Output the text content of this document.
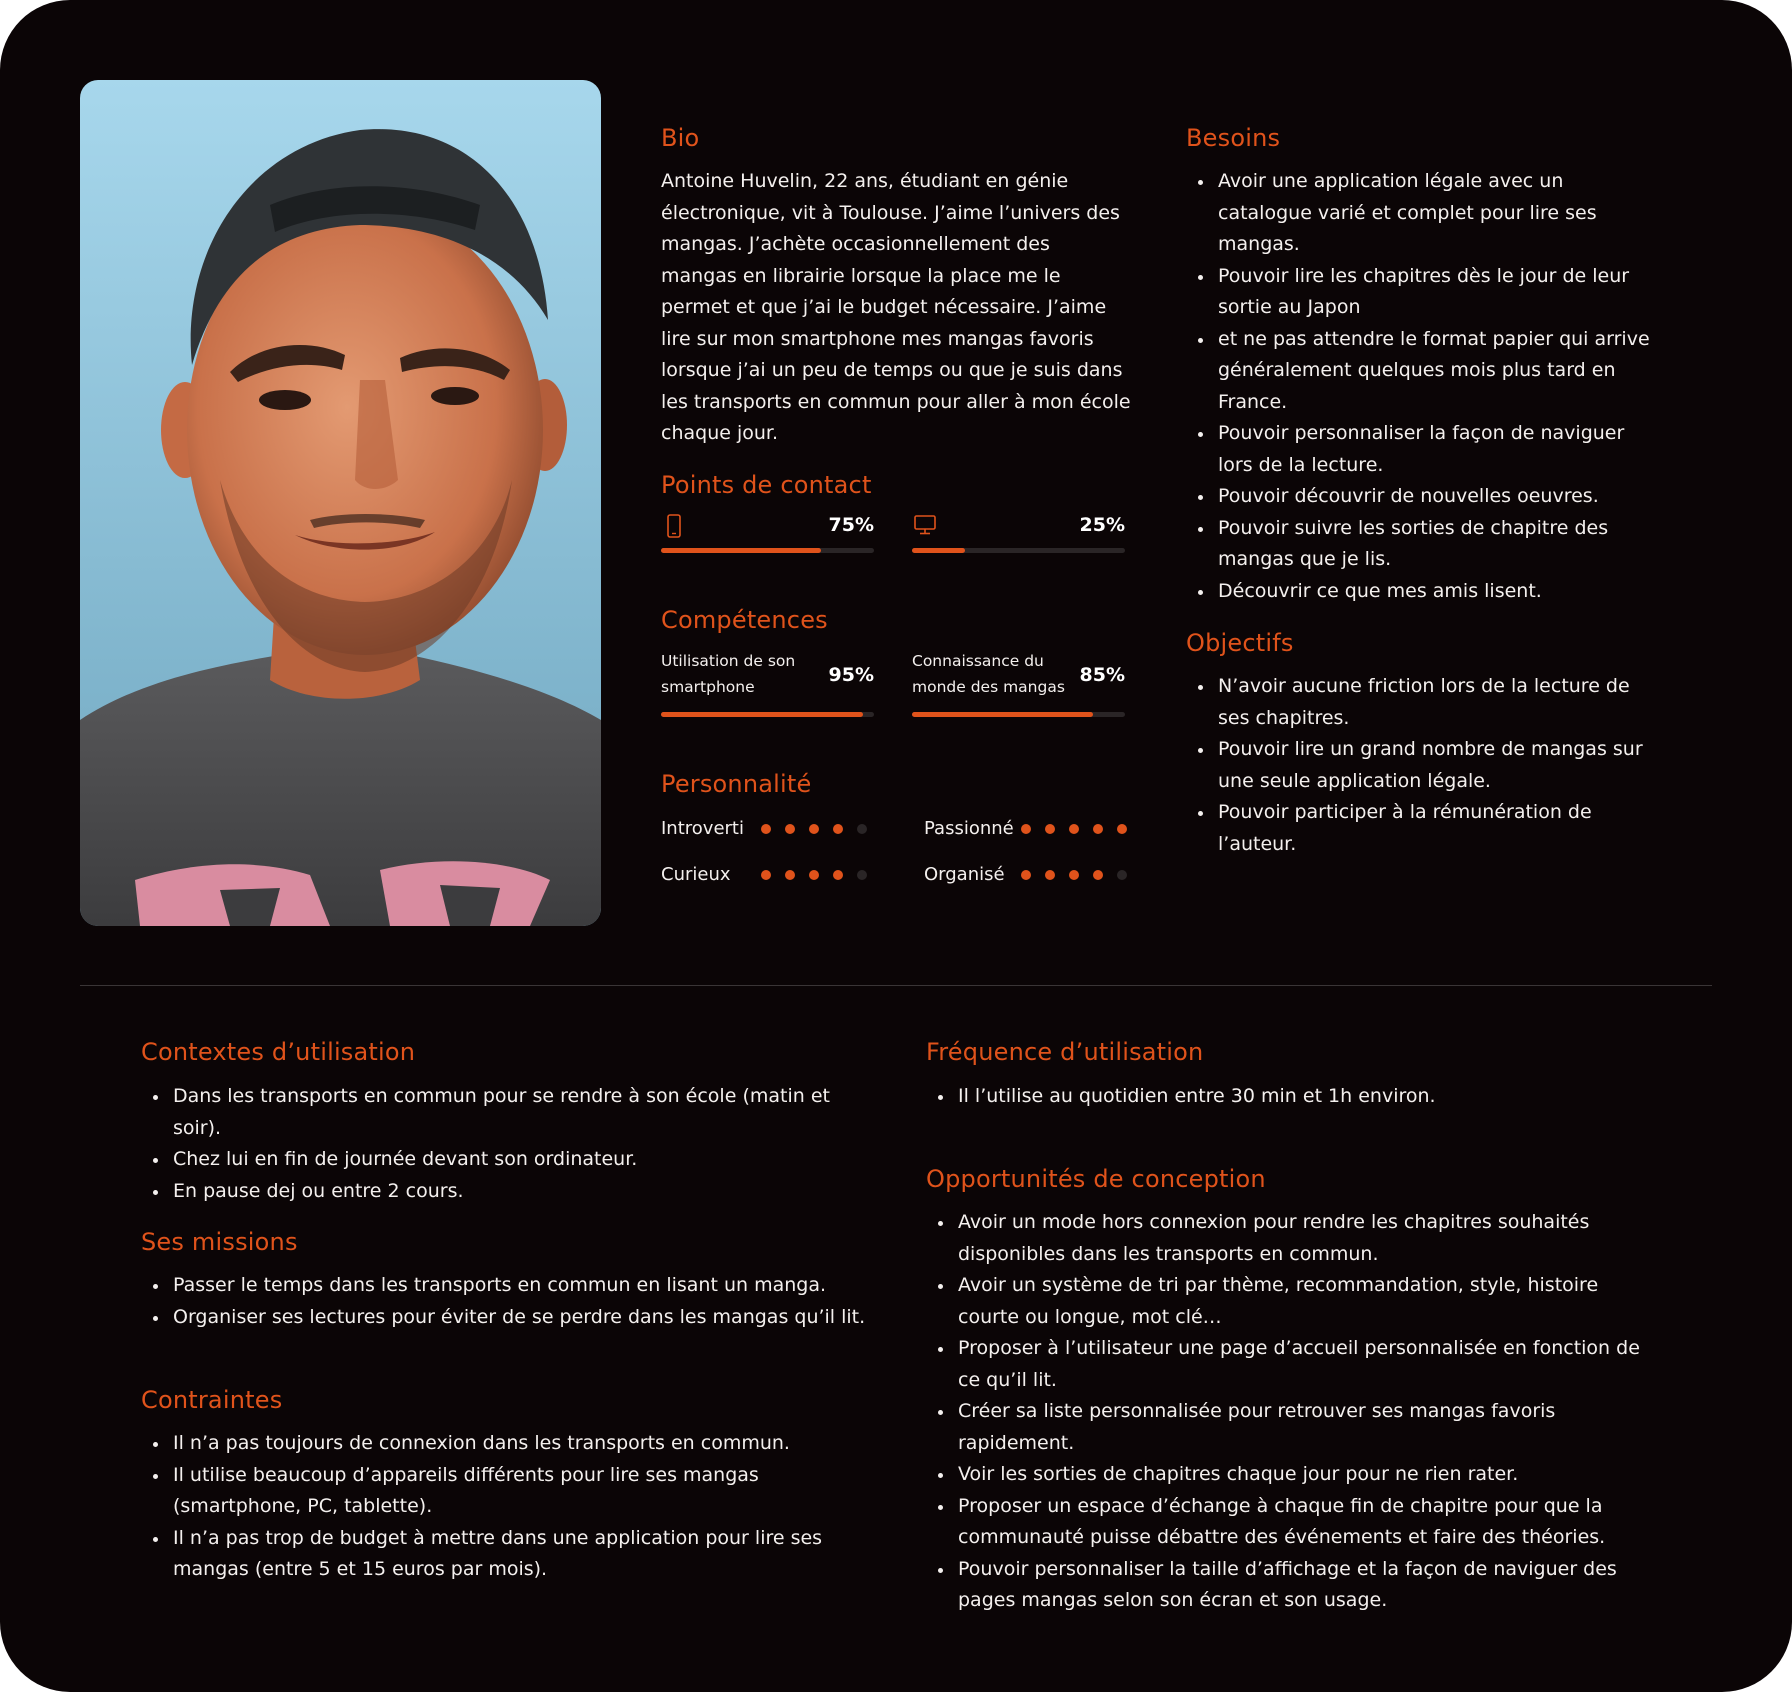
Bio

Antoine Huvelin, 22 ans, étudiant en génie électronique, vit à Toulouse. J’aime l’univers des mangas. J’achète occasionnellement des mangas en librairie lorsque la place me le permet et que j’ai le budget nécessaire. J’aime lire sur mon smartphone mes mangas favoris lorsque j’ai un peu de temps ou que je suis dans les transports en commun pour aller à mon école chaque jour.

Points de contact
75%	25%
Compétences
Utilisation de son smartphone
95%
Connaissance du monde des mangas
85%
Personnalité
Introverti	Passionné
Curieux	Organisé
Besoins
Avoir une application légale avec un catalogue varié et complet pour lire ses mangas.
Pouvoir lire les chapitres dès le jour de leur sortie au Japon
et ne pas attendre le format papier qui arrive généralement quelques mois plus tard en France.
Pouvoir personnaliser la façon de naviguer lors de la lecture.
Pouvoir découvrir de nouvelles oeuvres.
Pouvoir suivre les sorties de chapitre des mangas que je lis.
Découvrir ce que mes amis lisent.
Objectifs
N’avoir aucune friction lors de la lecture de ses chapitres.
Pouvoir lire un grand nombre de mangas sur une seule application légale.
Pouvoir participer à la rémunération de l’auteur.
Contextes d’utilisation
Dans les transports en commun pour se rendre à son école (matin et soir).
Chez lui en fin de journée devant son ordinateur.
En pause dej ou entre 2 cours.
Ses missions
Passer le temps dans les transports en commun en lisant un manga.
Organiser ses lectures pour éviter de se perdre dans les mangas qu’il lit.
Contraintes
Il n’a pas toujours de connexion dans les transports en commun.
Il utilise beaucoup d’appareils différents pour lire ses mangas (smartphone, PC, tablette).
Il n’a pas trop de budget à mettre dans une application pour lire ses mangas (entre 5 et 15 euros par mois).
Fréquence d’utilisation
Il l’utilise au quotidien entre 30 min et 1h environ.
Opportunités de conception
Avoir un mode hors connexion pour rendre les chapitres souhaités disponibles dans les transports en commun.
Avoir un système de tri par thème, recommandation, style, histoire courte ou longue, mot clé…
Proposer à l’utilisateur une page d’accueil personnalisée en fonction de ce qu’il lit.
Créer sa liste personnalisée pour retrouver ses mangas favoris rapidement.
Voir les sorties de chapitres chaque jour pour ne rien rater.
Proposer un espace d’échange à chaque fin de chapitre pour que la communauté puisse débattre des événements et faire des théories.
Pouvoir personnaliser la taille d’affichage et la façon de naviguer des pages mangas selon son écran et son usage.
